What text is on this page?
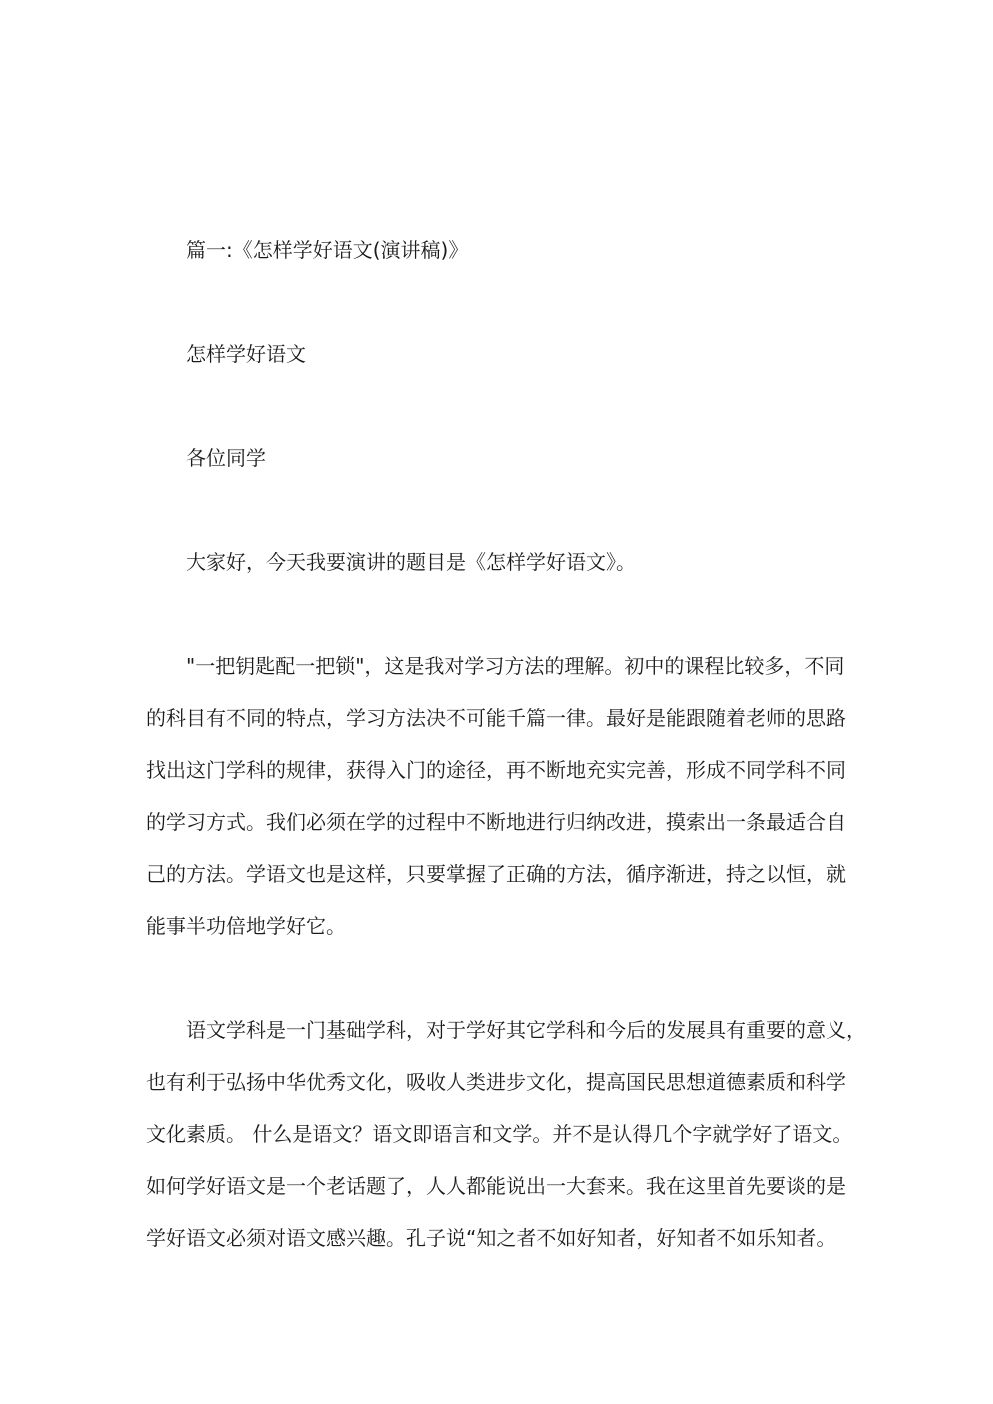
篇一:《怎样学好语文(演讲稿)》
怎样学好语文
各位同学
大家好，今天我要演讲的题目是《怎样学好语文》。
"一把钥匙配一把锁"，这是我对学习方法的理解。初中的课程比较多，不同
的科目有不同的特点，学习方法决不可能千篇一律。最好是能跟随着老师的思路
找出这门学科的规律，获得入门的途径，再不断地充实完善，形成不同学科不同
的学习方式。我们必须在学的过程中不断地进行归纳改进，摸索出一条最适合自
己的方法。学语文也是这样，只要掌握了正确的方法，循序渐进，持之以恒，就
能事半功倍地学好它。
语文学科是一门基础学科，对于学好其它学科和今后的发展具有重要的意义，
也有利于弘扬中华优秀文化，吸收人类进步文化，提高国民思想道德素质和科学
文化素质。 什么是语文？语文即语言和文学。并不是认得几个字就学好了语文。
如何学好语文是一个老话题了，人人都能说出一大套来。我在这里首先要谈的是
学好语文必须对语文感兴趣。孔子说“知之者不如好知者，好知者不如乐知者。
